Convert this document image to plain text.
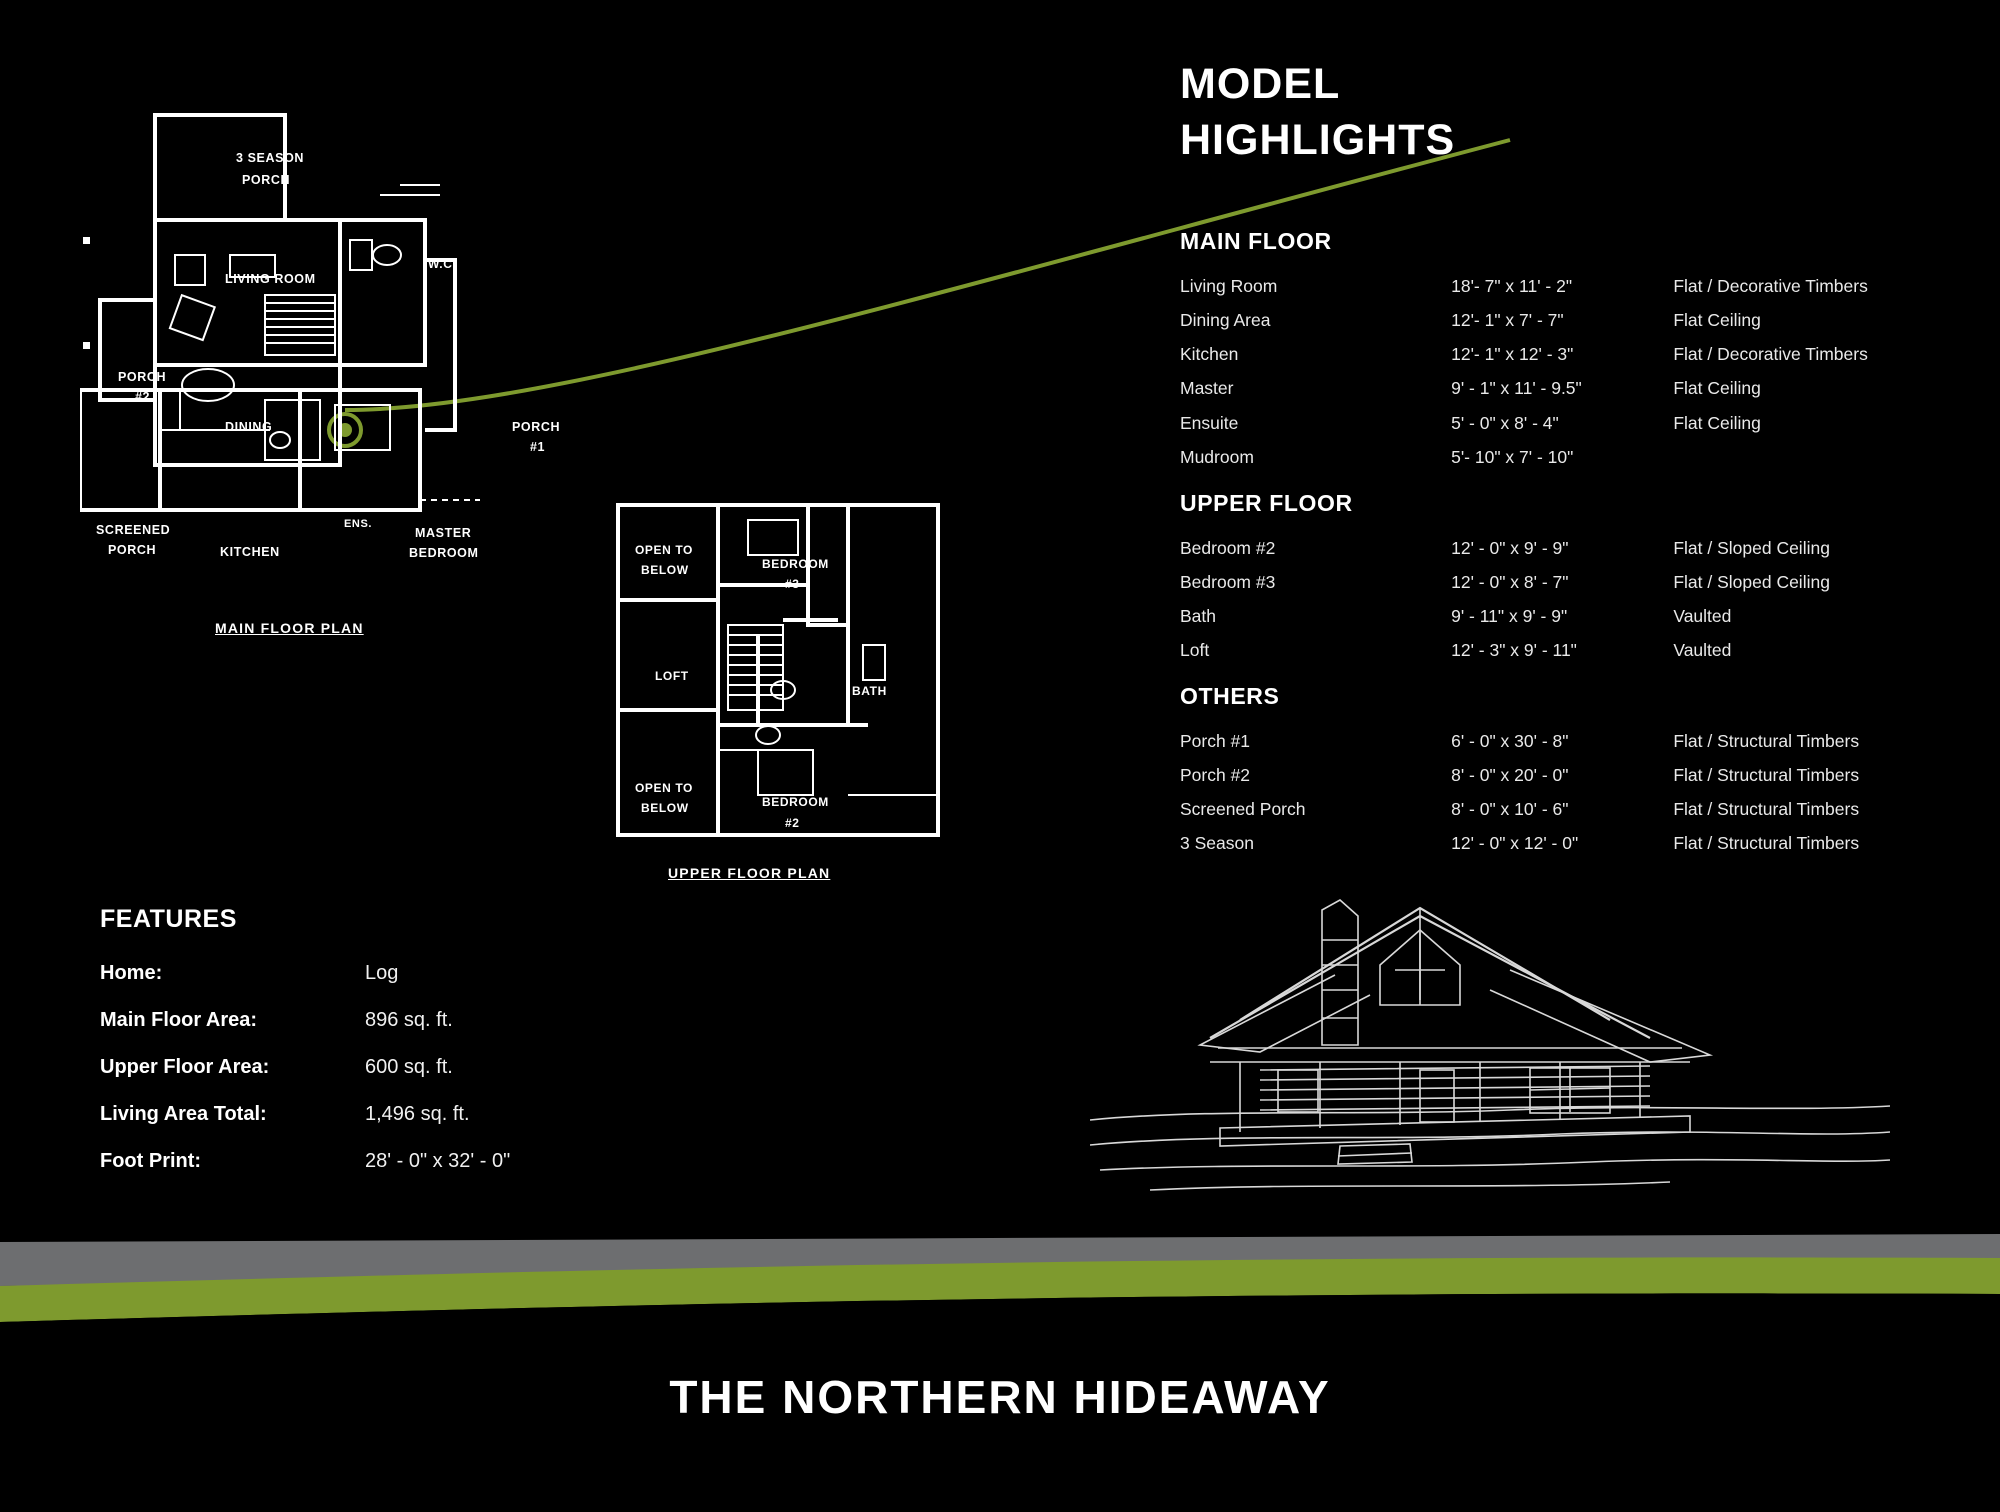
3 SEASON
PORCH
LIVING ROOM
W.C.
PORCH
#2
DINING	PORCH
#1
SCREENED
PORCH	KITCHEN
ENS.
MASTER
BEDROOM
MAIN FLOOR PLAN
OPEN TO
BELOW	BEDROOM
#3
LOFT
BATH
OPEN TO
BELOW	BEDROOM
#2
UPPER FLOOR PLAN
MODEL
HIGHLIGHTS
MAIN FLOOR
Living Room	18'- 7" x 11' - 2"	Flat / Decorative Timbers
Dining Area	12'- 1" x 7' - 7"	Flat Ceiling
Kitchen	12'- 1" x 12' - 3"	Flat / Decorative Timbers
Master	9' - 1" x 11' - 9.5"	Flat Ceiling
Ensuite	5' - 0" x 8' - 4"	Flat Ceiling
Mudroom	5'- 10" x 7' - 10"
UPPER FLOOR
Bedroom #2	12' - 0" x 9' - 9"	Flat / Sloped Ceiling
Bedroom #3	12' - 0" x 8' - 7"	Flat / Sloped Ceiling
Bath	9' - 11" x 9' - 9"	Vaulted
Loft	12' - 3" x 9' - 11"	Vaulted
OTHERS
Porch #1	6' - 0" x 30' - 8"	Flat / Structural Timbers
Porch #2	8' - 0" x 20' - 0"	Flat / Structural Timbers
Screened Porch	8' - 0" x 10' - 6"	Flat / Structural Timbers
3 Season	12' - 0" x 12' - 0"	Flat / Structural Timbers
FEATURES
Home:	Log
Main Floor Area:	896 sq. ft.
Upper Floor Area:	600 sq. ft.
Living Area Total:	1,496 sq. ft.
Foot Print:	28' - 0" x 32' - 0"
THE NORTHERN HIDEAWAY
